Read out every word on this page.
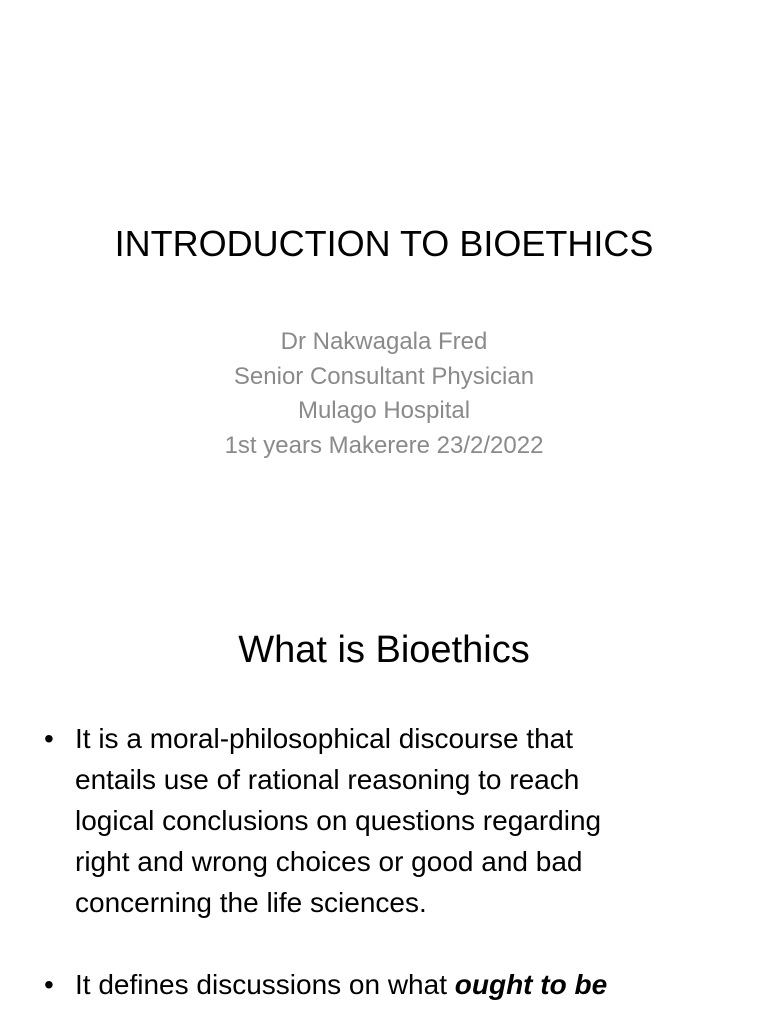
INTRODUCTION TO BIOETHICS
Dr Nakwagala Fred
Senior Consultant Physician
Mulago Hospital
1st years Makerere 23/2/2022
What is Bioethics
• It is a moral-philosophical discourse that
entails use of rational reasoning to reach
logical conclusions on questions regarding
right and wrong choices or good and bad
concerning the life sciences.
• It defines discussions on what ought to be
